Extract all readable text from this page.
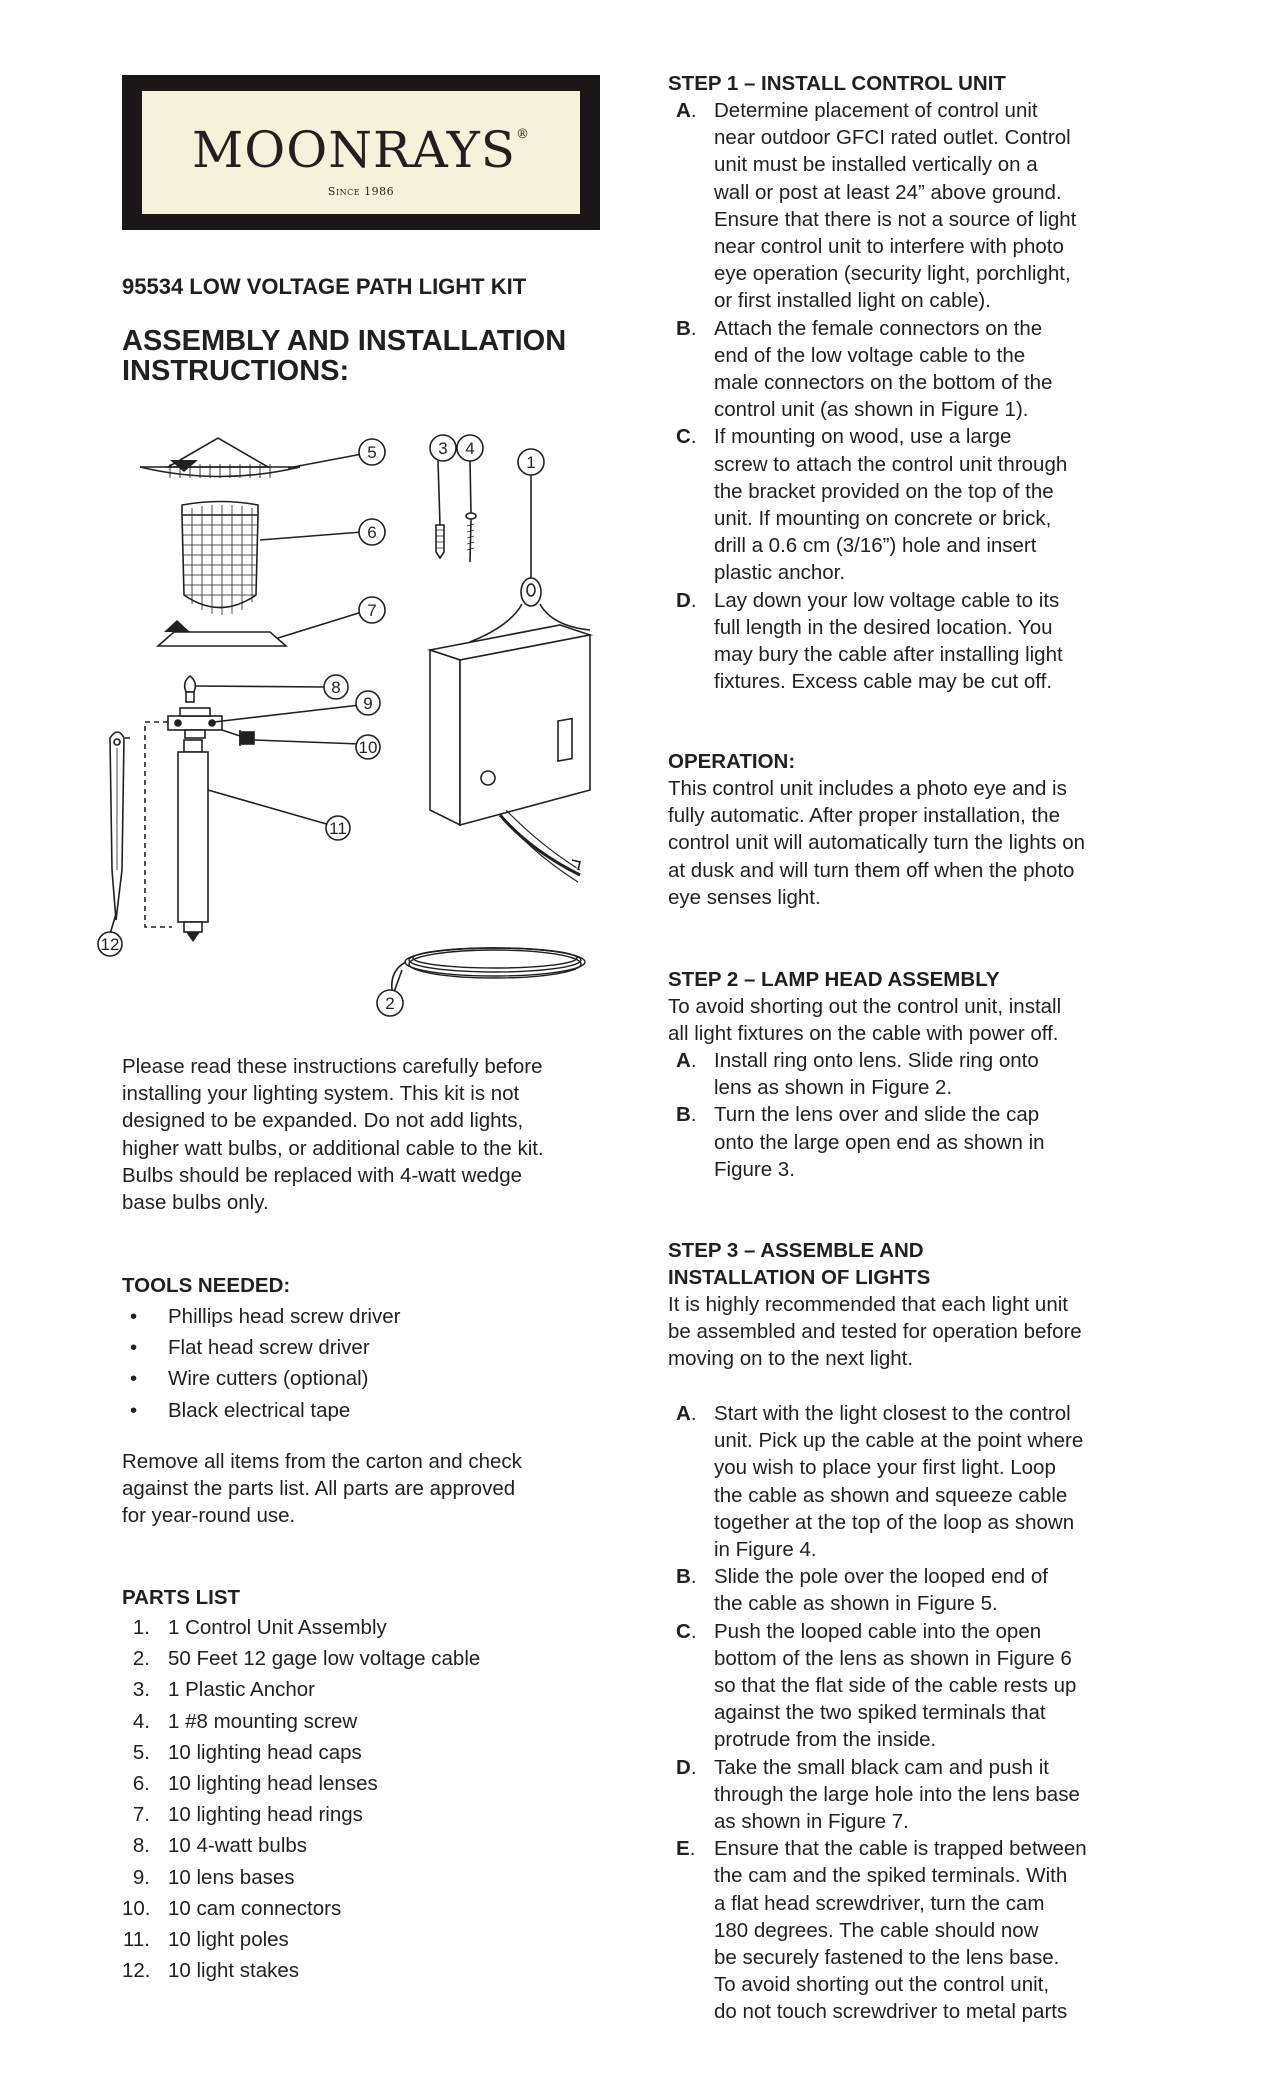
MOONRAYS®
Since 1986
95534 LOW VOLTAGE PATH LIGHT KIT
ASSEMBLY AND INSTALLATION
INSTRUCTIONS:
1
2
3 4
5
6
7
8
9
10
11
12
Please read these instructions carefully before
installing your lighting system. This kit is not
designed to be expanded. Do not add lights,
higher watt bulbs, or additional cable to the kit.
Bulbs should be replaced with 4-watt wedge
base bulbs only.
TOOLS NEEDED:
• Phillips head screw driver
• Flat head screw driver
• Wire cutters (optional)
• Black electrical tape
Remove all items from the carton and check
against the parts list. All parts are approved
for year-round use.
PARTS LIST
1. 1 Control Unit Assembly
2. 50 Feet 12 gage low voltage cable
3. 1 Plastic Anchor
4. 1 #8 mounting screw
5. 10 lighting head caps
6. 10 lighting head lenses
7. 10 lighting head rings
8. 10 4-watt bulbs
9. 10 lens bases
10. 10 cam connectors
11. 10 light poles
12. 10 light stakes
STEP 1 – INSTALL CONTROL UNIT
A. Determine placement of control unit
near outdoor GFCI rated outlet. Control
unit must be installed vertically on a
wall or post at least 24” above ground.
Ensure that there is not a source of light
near control unit to interfere with photo
eye operation (security light, porchlight,
or first installed light on cable).
B. Attach the female connectors on the
end of the low voltage cable to the
male connectors on the bottom of the
control unit (as shown in Figure 1).
C. If mounting on wood, use a large
screw to attach the control unit through
the bracket provided on the top of the
unit. If mounting on concrete or brick,
drill a 0.6 cm (3/16”) hole and insert
plastic anchor.
D. Lay down your low voltage cable to its
full length in the desired location. You
may bury the cable after installing light
fixtures. Excess cable may be cut off.
OPERATION:
This control unit includes a photo eye and is
fully automatic. After proper installation, the
control unit will automatically turn the lights on
at dusk and will turn them off when the photo
eye senses light.
STEP 2 – LAMP HEAD ASSEMBLY
To avoid shorting out the control unit, install
all light fixtures on the cable with power off.
A. Install ring onto lens. Slide ring onto
lens as shown in Figure 2.
B. Turn the lens over and slide the cap
onto the large open end as shown in
Figure 3.
STEP 3 – ASSEMBLE AND
INSTALLATION OF LIGHTS
It is highly recommended that each light unit
be assembled and tested for operation before
moving on to the next light.
A. Start with the light closest to the control
unit. Pick up the cable at the point where
you wish to place your first light. Loop
the cable as shown and squeeze cable
together at the top of the loop as shown
in Figure 4.
B. Slide the pole over the looped end of
the cable as shown in Figure 5.
C. Push the looped cable into the open
bottom of the lens as shown in Figure 6
so that the flat side of the cable rests up
against the two spiked terminals that
protrude from the inside.
D. Take the small black cam and push it
through the large hole into the lens base
as shown in Figure 7.
E. Ensure that the cable is trapped between
the cam and the spiked terminals. With
a flat head screwdriver, turn the cam
180 degrees. The cable should now
be securely fastened to the lens base.
To avoid shorting out the control unit,
do not touch screwdriver to metal parts
